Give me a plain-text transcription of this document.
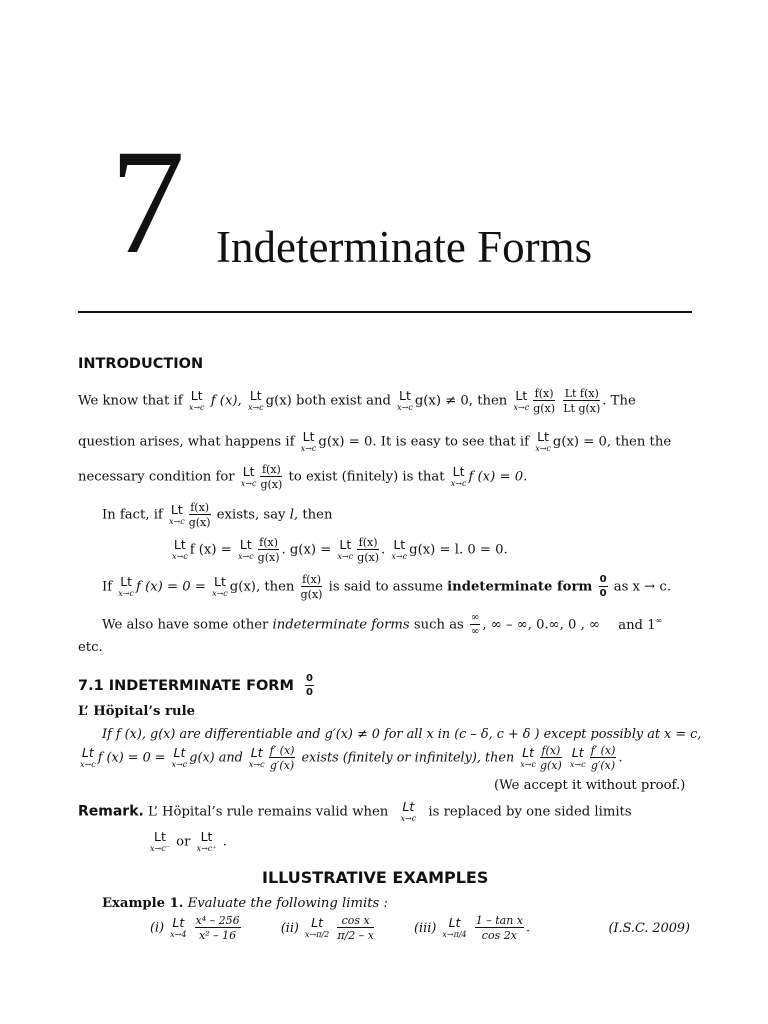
7 Indeterminate Forms
INTRODUCTION
We know that if Lt
x→c f (x), Lt
x→c g(x) both exist and Lt
x→c g(x) ≠ 0, then Lt
$x\to c \frac{f(x)}{g(x)}$
$\frac{\text{Lt f(x)}}{\text{Lt g(x)}}$ . The
question arises, what happens if Lt
x→c g(x) = 0. It is easy to see that if Lt
x→c g(x) = 0, then the
necessary condition for Lt
$x\to c \frac{f(x)}{g(x)}$ to exist (finitely) is that Lt
x→c f (x) = 0.
In fact, if Lt
$x\to c \frac{f(x)}{g(x)}$ exists, say l, then
Lt
x→c f (x) = Lt
$x\to c \frac{f(x)}{g(x)}$ . g(x) = Lt
$x\to c \frac{f(x)}{g(x)}$ . Lt
x→c g(x) = l. 0 = 0.
If Lt
x→c f (x) = 0 = Lt
x→c g(x), then $\frac{f(x)}{g(x)}$ is said to assume indeterminate form $\frac{0}{0}$ as x → c.
We also have some other indeterminate forms such as $\frac{\infty}{\infty}$ , ∞ – ∞, 0.∞, 0 , ∞ and 1∞
etc.
7.1 INDETERMINATE FORM $\frac{0}{0}$
L’ Höpital’s rule
If f (x), g(x) are differentiable and g′(x) ≠ 0 for all x in (c – δ, c + δ ) except possibly at x = c,
Lt
x→c f (x) = 0 = Lt
x→c g(x) and Lt
$x\to c \frac{f' (x)}{g'(x)}$ exists (finitely or infinitely), then Lt
$x\to c \frac{f(x)}{g(x)}$
Lt
$x\to c \frac{f' (x)}{g'(x)}$ .
(We accept it without proof.)
Remark. L’ Höpital’s rule remains valid when Lt
x→c is replaced by one sided limits
Lt
x→c⁻ or Lt
x→c⁺ .
ILLUSTRATIVE EXAMPLES
Example 1. Evaluate the following limits :
(i) Lt
x→4
$\frac{\text{x⁴ – 256}}{\text{x² – 16}}$	(ii) Lt
x→π/2
$\frac{\text{cos x}}{\pi/2 - x}$	(iii) Lt
x→π/4
$\frac{\text{1 – tan x}}{\cos 2x}$ .	(I.S.C. 2009)
